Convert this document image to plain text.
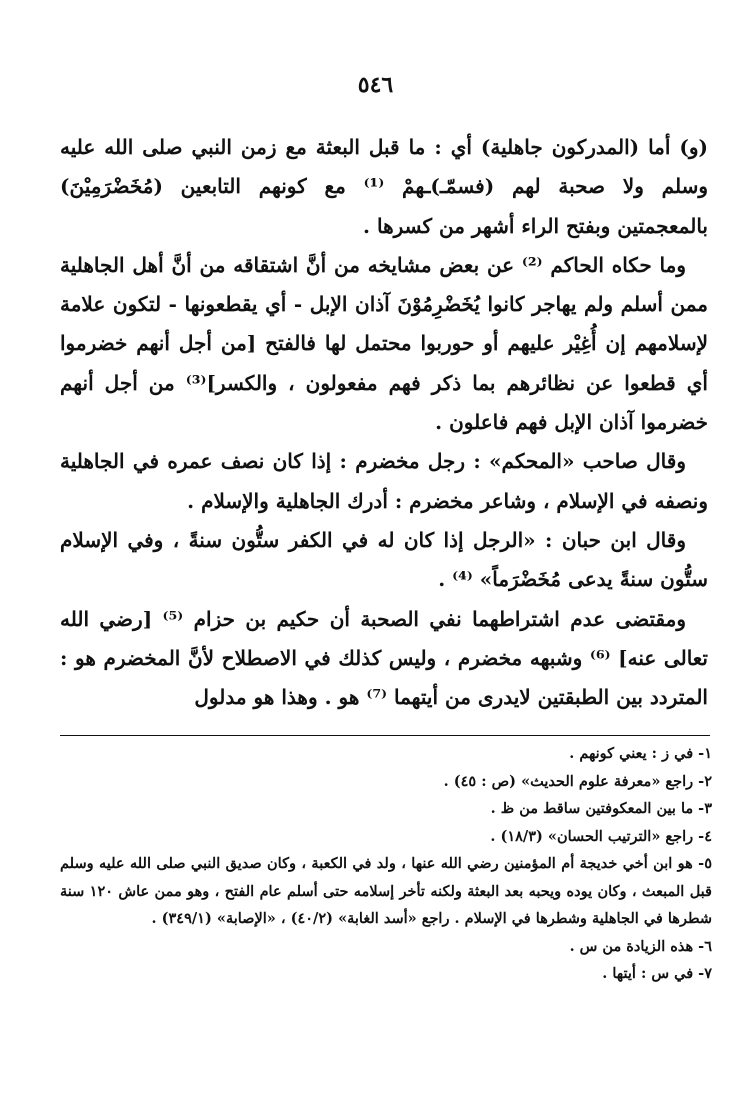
٥٤٦

(و) أما (المدركون جاهلية) أي : ما قبل البعثة مع زمن النبي صلى الله عليه وسلم ولا صحبة لهم (فسمّـ)ـهمْ ⁽¹⁾ مع كونهم التابعين (مُخَضْرَمِيْنَ) بالمعجمتين وبفتح الراء أشهر من كسرها .

وما حكاه الحاكم ⁽²⁾ عن بعض مشايخه من أنَّ اشتقاقه من أنَّ أهل الجاهلية ممن أسلم ولم يهاجر كانوا يُخَضْرِمُوْنَ آذان الإبل - أي يقطعونها - لتكون علامة لإسلامهم إن أُغِيْر عليهم أو حوربوا محتمل لها فالفتح [من أجل أنهم خضرموا أي قطعوا عن نظائرهم بما ذكر فهم مفعولون ، والكسر]⁽³⁾ من أجل أنهم خضرموا آذان الإبل فهم فاعلون .

وقال صاحب «المحكم» : رجل مخضرم : إذا كان نصف عمره في الجاهلية ونصفه في الإسلام ، وشاعر مخضرم : أدرك الجاهلية والإسلام .

وقال ابن حبان : «الرجل إذا كان له في الكفر ستُّون سنةً ، وفي الإسلام ستُّون سنةً يدعى مُخَضْرَماً» ⁽⁴⁾ .

ومقتضى عدم اشتراطهما نفي الصحبة أن حكيم بن حزام ⁽⁵⁾ [رضي الله تعالى عنه] ⁽⁶⁾ وشبهه مخضرم ، وليس كذلك في الاصطلاح لأنَّ المخضرم هو : المتردد بين الطبقتين لايدرى من أيتهما ⁽⁷⁾ هو . وهذا هو مدلول

١- في ز : يعني كونهم .

٢- راجع «معرفة علوم الحديث» (ص : ٤٥) .

٣- ما بين المعكوفتين ساقط من ظ .

٤- راجع «الترتيب الحسان» (١٨/٣) .

٥- هو ابن أخي خديجة أم المؤمنين رضي الله عنها ، ولد في الكعبة ، وكان صديق النبي صلى الله عليه وسلم قبل المبعث ، وكان يوده ويحبه بعد البعثة ولكنه تأخر إسلامه حتى أسلم عام الفتح ، وهو ممن عاش ١٢٠ سنة شطرها في الجاهلية وشطرها في الإسلام . راجع «أسد الغابة» (٤٠/٢) ، «الإصابة» (٣٤٩/١) .

٦- هذه الزيادة من س .

٧- في س : أيتها .
